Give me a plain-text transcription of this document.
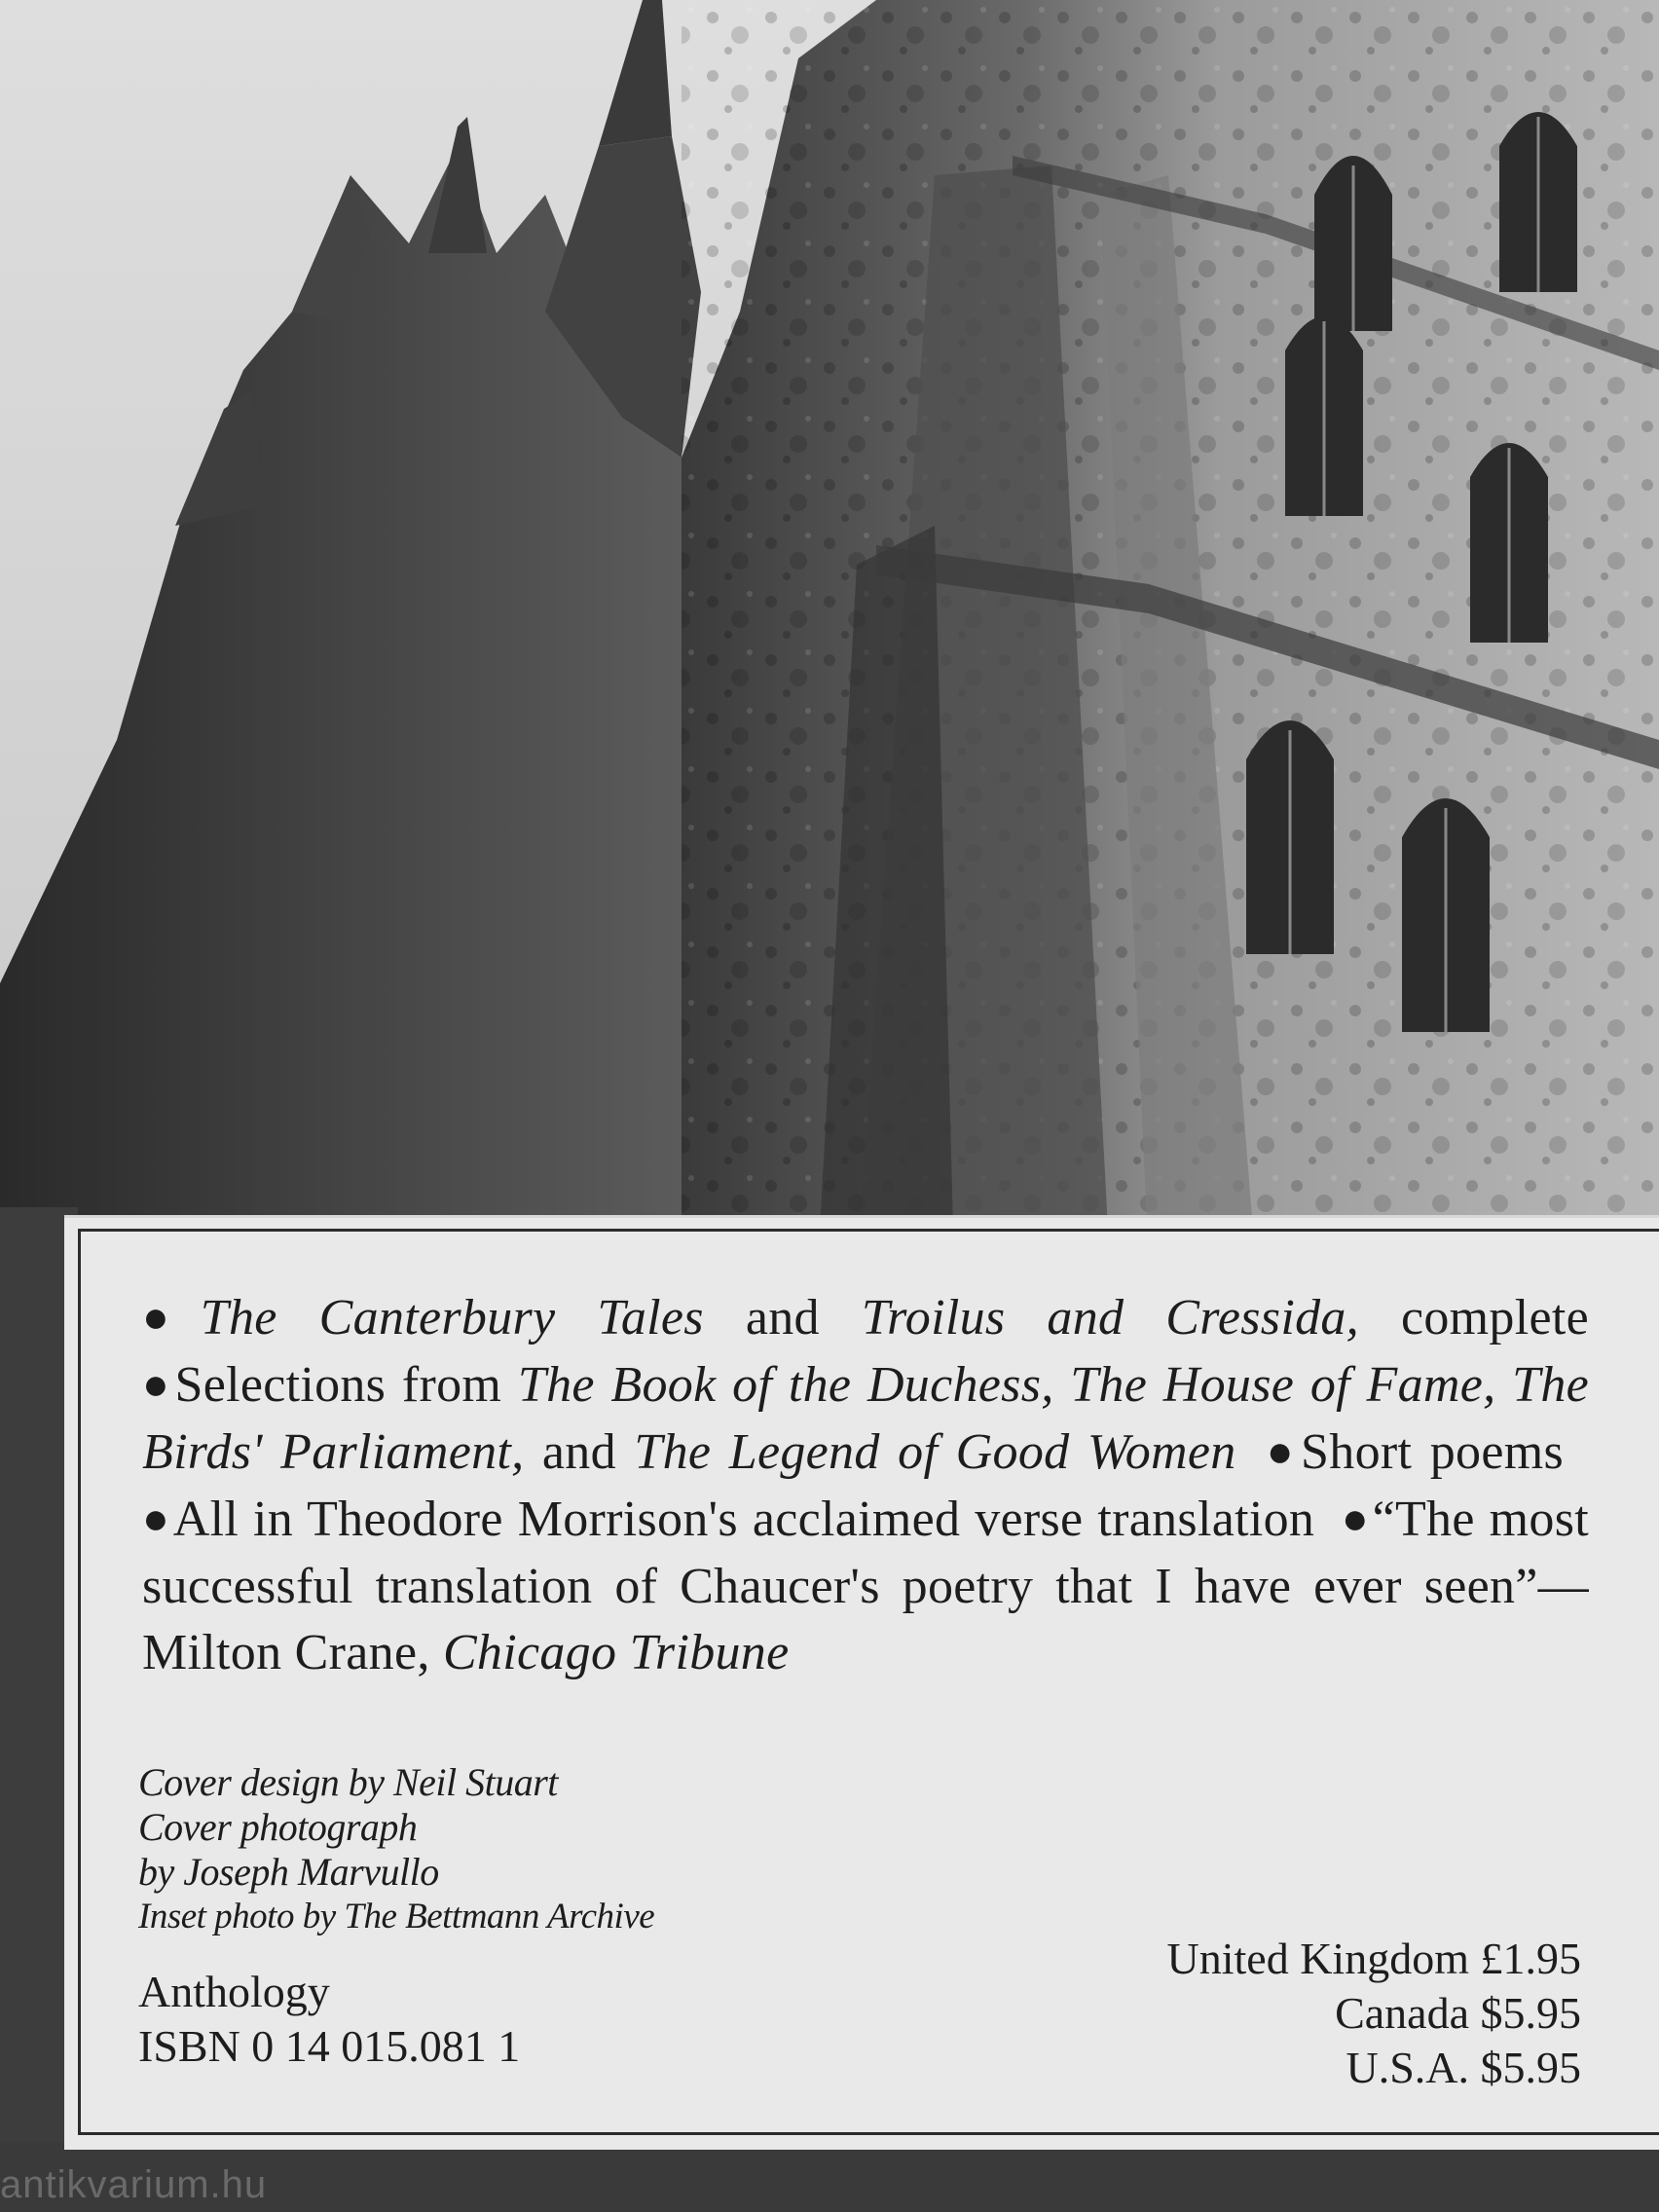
●The Canterbury Tales and Troilus and Cressida, complete ●Selections from The Book of the Duchess, The House of Fame, The Birds' Parliament, and The Legend of Good Women ●Short poems●All in Theodore Morrison's acclaimed verse translation ●“The most successful translation of Chaucer's poetry that I have ever seen”—Milton Crane, Chicago Tribune
Cover design by Neil Stuart
Cover photograph
by Joseph Marvullo
Inset photo by The Bettmann Archive
Anthology
ISBN 0 14 015.081 1
United Kingdom £1.95
Canada $5.95
U.S.A. $5.95
antikvarium.hu
